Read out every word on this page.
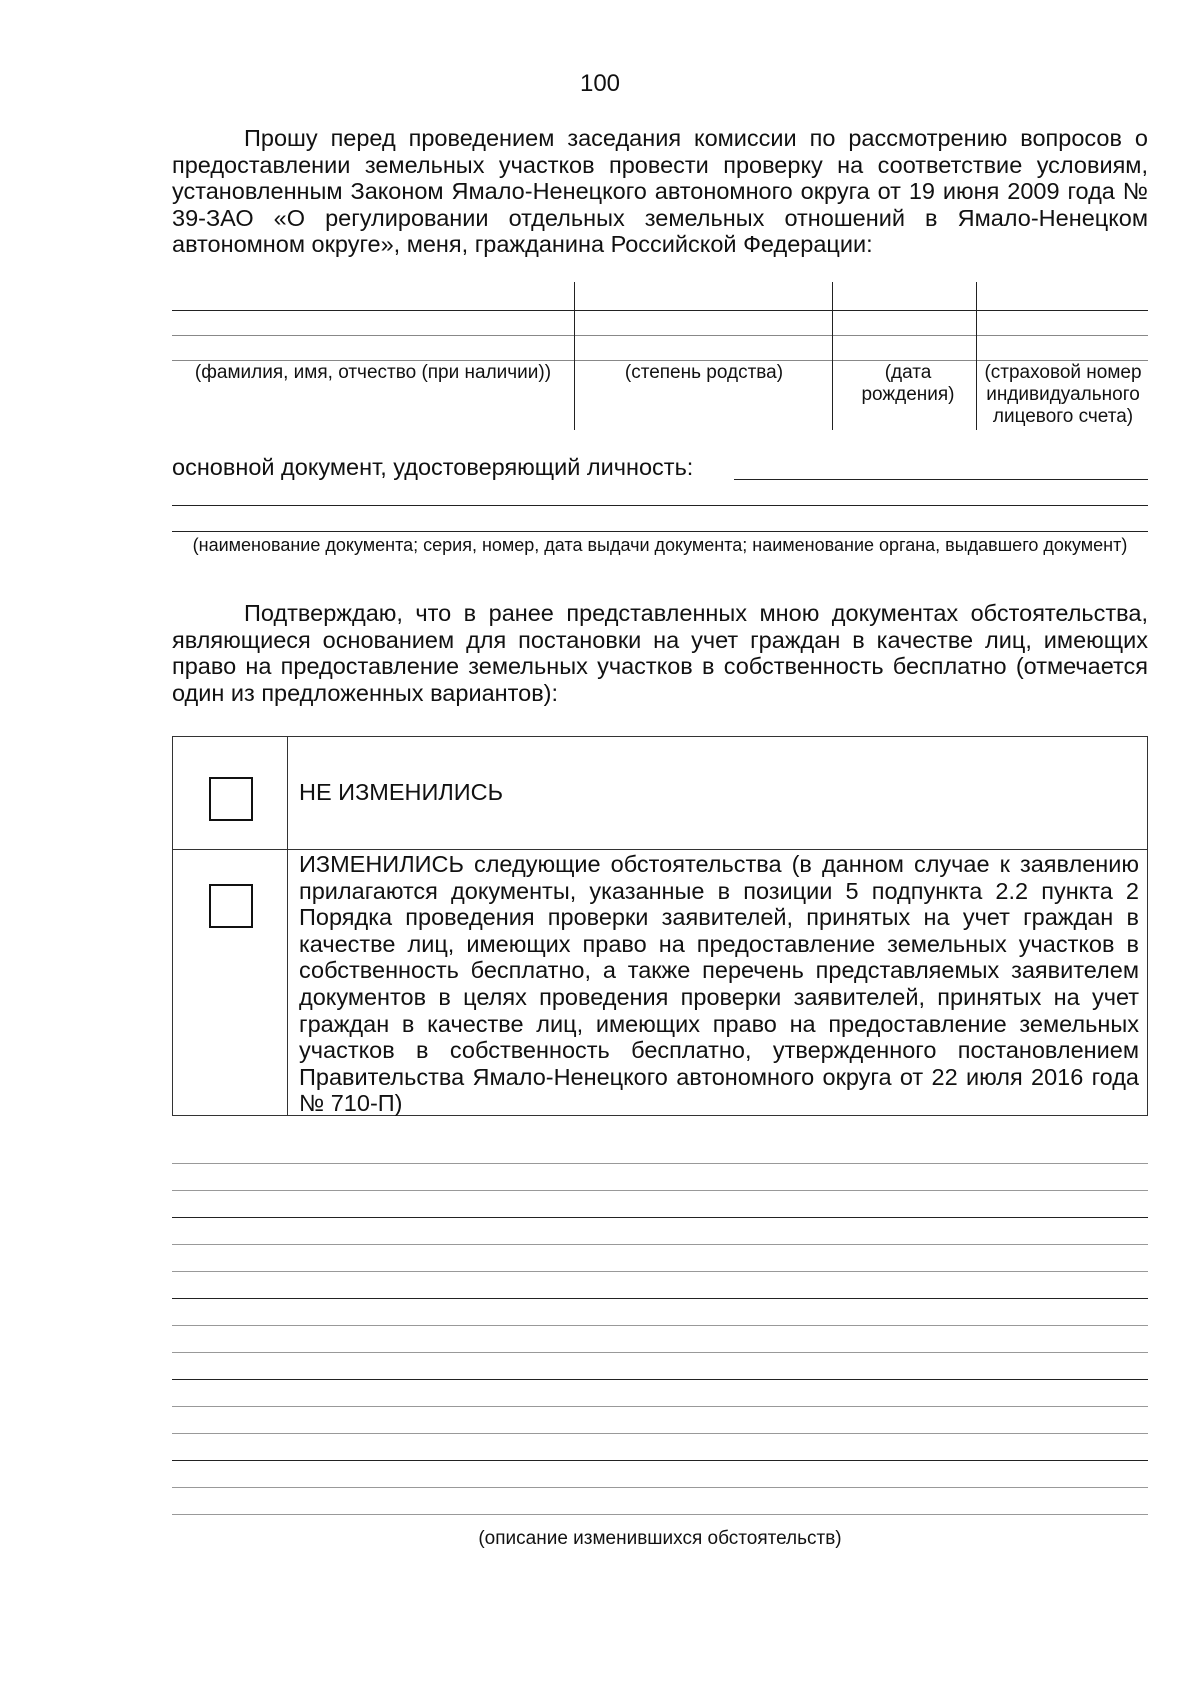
100
Прошу перед проведением заседания комиссии по рассмотрению вопросов о предоставлении земельных участков провести проверку на соответствие условиям, установленным Законом Ямало-Ненецкого автономного округа от 19 июня 2009 года № 39-ЗАО «О регулировании отдельных земельных отношений в Ямало-Ненецком автономном округе», меня, гражданина Российской Федерации:
(фамилия, имя, отчество (при наличии))	(степень родства)	(дата рождения)
(страховой номер индивидуального лицевого счета)
основной документ, удостоверяющий личность:
(наименование документа; серия, номер, дата выдачи документа; наименование органа, выдавшего документ)
Подтверждаю, что в ранее представленных мною документах обстоятельства, являющиеся основанием для постановки на учет граждан в качестве лиц, имеющих право на предоставление земельных участков в собственность бесплатно (отмечается один из предложенных вариантов):
НЕ ИЗМЕНИЛИСЬ
ИЗМЕНИЛИСЬ следующие обстоятельства (в данном случае к заявлению прилагаются документы, указанные в позиции 5 подпункта 2.2 пункта 2 Порядка проведения проверки заявителей, принятых на учет граждан в качестве лиц, имеющих право на предоставление земельных участков в собственность бесплатно, а также перечень представляемых заявителем документов в целях проведения проверки заявителей, принятых на учет граждан в качестве лиц, имеющих право на предоставление земельных участков в собственность бесплатно, утвержденного постановлением Правительства Ямало-Ненецкого автономного округа от 22 июля 2016 года № 710-П)
(описание изменившихся обстоятельств)
